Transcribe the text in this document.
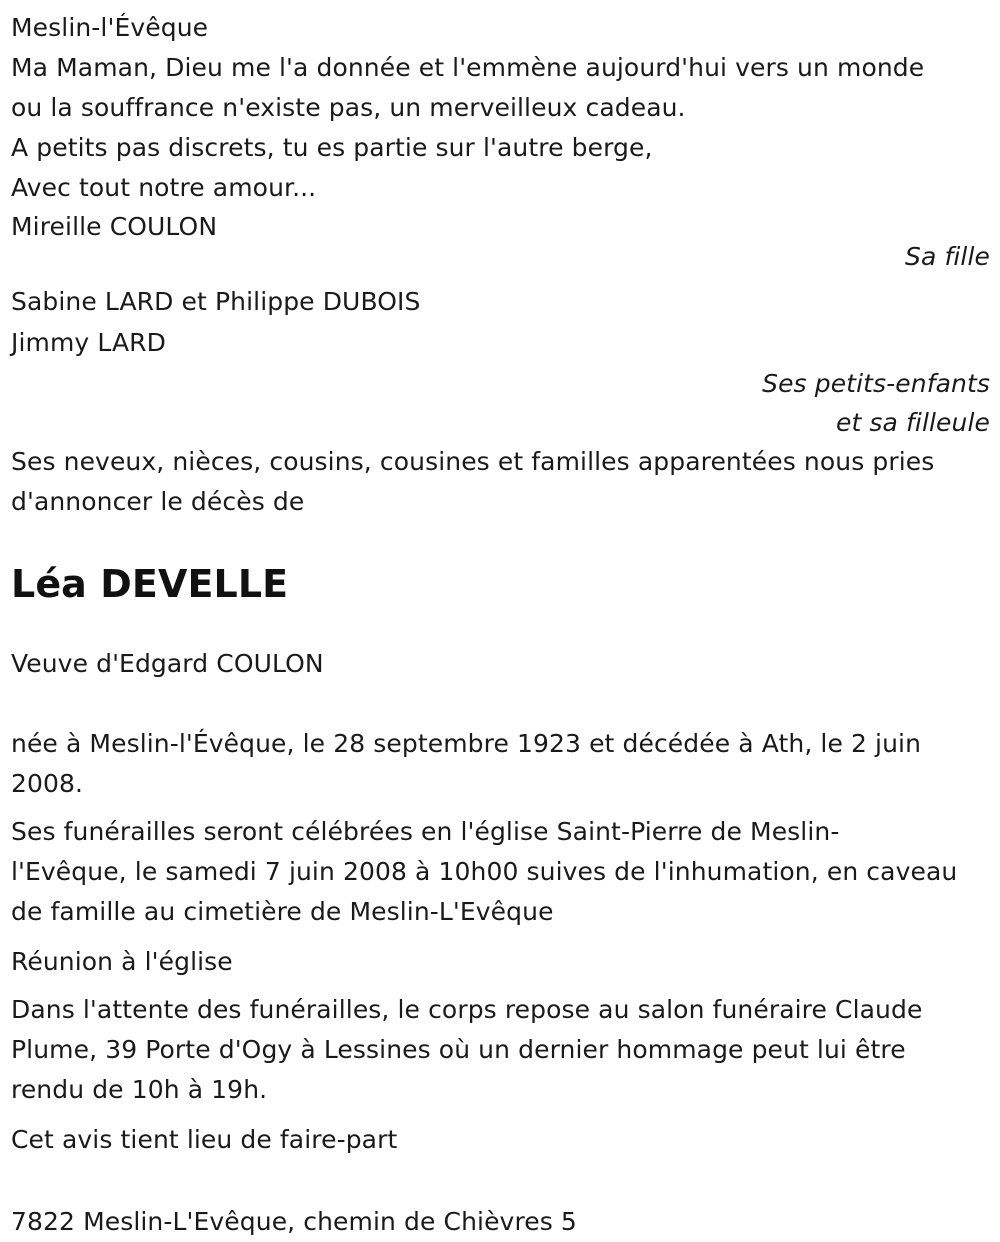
Meslin-l'Évêque

Ma Maman, Dieu me l'a donnée et l'emmène aujourd'hui vers un monde

ou la souffrance n'existe pas, un merveilleux cadeau.

A petits pas discrets, tu es partie sur l'autre berge,

Avec tout notre amour...

Mireille COULON

Sa fille

Sabine LARD et Philippe DUBOIS

Jimmy LARD

Ses petits-enfants

et sa filleule

Ses neveux, nièces, cousins, cousines et familles apparentées nous pries

d'annoncer le décès de

Léa DEVELLE

Veuve d'Edgard COULON

née à Meslin-l'Évêque, le 28 septembre 1923 et décédée à Ath, le 2 juin

2008.

Ses funérailles seront célébrées en l'église Saint-Pierre de Meslin-

l'Evêque, le samedi 7 juin 2008 à 10h00 suives de l'inhumation, en caveau

de famille au cimetière de Meslin-L'Evêque

Réunion à l'église

Dans l'attente des funérailles, le corps repose au salon funéraire Claude

Plume, 39 Porte d'Ogy à Lessines où un dernier hommage peut lui être

rendu de 10h à 19h.

Cet avis tient lieu de faire-part

7822 Meslin-L'Evêque, chemin de Chièvres 5
